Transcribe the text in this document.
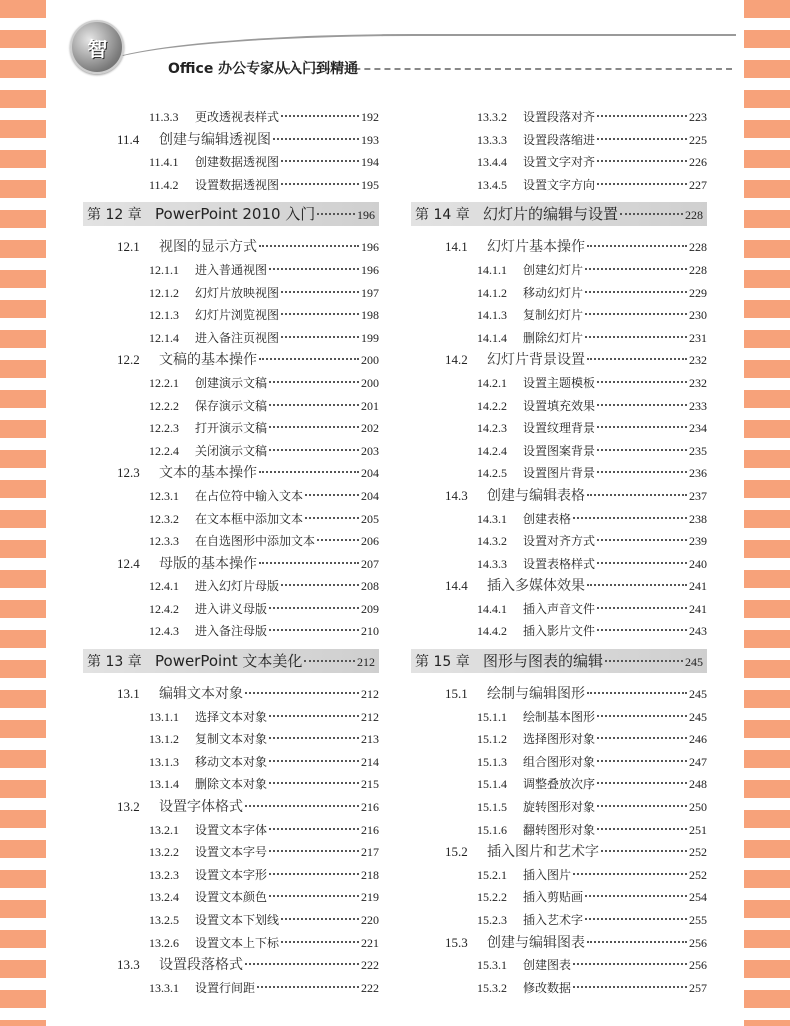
智
Office 办公专家从入门到精通
11.3.3	更改透视表样式	192
11.4	创建与编辑透视图	193
11.4.1	创建数据透视图	194
11.4.2	设置数据透视图	195
第 12 章 PowerPoint 2010 入门	196
12.1	视图的显示方式	196
12.1.1	进入普通视图	196
12.1.2	幻灯片放映视图	197
12.1.3	幻灯片浏览视图	198
12.1.4	进入备注页视图	199
12.2	文稿的基本操作	200
12.2.1	创建演示文稿	200
12.2.2	保存演示文稿	201
12.2.3	打开演示文稿	202
12.2.4	关闭演示文稿	203
12.3	文本的基本操作	204
12.3.1	在占位符中输入文本	204
12.3.2	在文本框中添加文本	205
12.3.3	在自选图形中添加文本	206
12.4	母版的基本操作	207
12.4.1	进入幻灯片母版	208
12.4.2	进入讲义母版	209
12.4.3	进入备注母版	210
第 13 章 PowerPoint 文本美化	212
13.1	编辑文本对象	212
13.1.1	选择文本对象	212
13.1.2	复制文本对象	213
13.1.3	移动文本对象	214
13.1.4	删除文本对象	215
13.2	设置字体格式	216
13.2.1	设置文本字体	216
13.2.2	设置文本字号	217
13.2.3	设置文本字形	218
13.2.4	设置文本颜色	219
13.2.5	设置文本下划线	220
13.2.6	设置文本上下标	221
13.3	设置段落格式	222
13.3.1	设置行间距	222
13.3.2	设置段落对齐	223
13.3.3	设置段落缩进	225
13.4.4	设置文字对齐	226
13.4.5	设置文字方向	227
第 14 章 幻灯片的编辑与设置	228
14.1	幻灯片基本操作	228
14.1.1	创建幻灯片	228
14.1.2	移动幻灯片	229
14.1.3	复制幻灯片	230
14.1.4	删除幻灯片	231
14.2	幻灯片背景设置	232
14.2.1	设置主题模板	232
14.2.2	设置填充效果	233
14.2.3	设置纹理背景	234
14.2.4	设置图案背景	235
14.2.5	设置图片背景	236
14.3	创建与编辑表格	237
14.3.1	创建表格	238
14.3.2	设置对齐方式	239
14.3.3	设置表格样式	240
14.4	插入多媒体效果	241
14.4.1	插入声音文件	241
14.4.2	插入影片文件	243
第 15 章 图形与图表的编辑	245
15.1	绘制与编辑图形	245
15.1.1	绘制基本图形	245
15.1.2	选择图形对象	246
15.1.3	组合图形对象	247
15.1.4	调整叠放次序	248
15.1.5	旋转图形对象	250
15.1.6	翻转图形对象	251
15.2	插入图片和艺术字	252
15.2.1	插入图片	252
15.2.2	插入剪贴画	254
15.2.3	插入艺术字	255
15.3	创建与编辑图表	256
15.3.1	创建图表	256
15.3.2	修改数据	257
